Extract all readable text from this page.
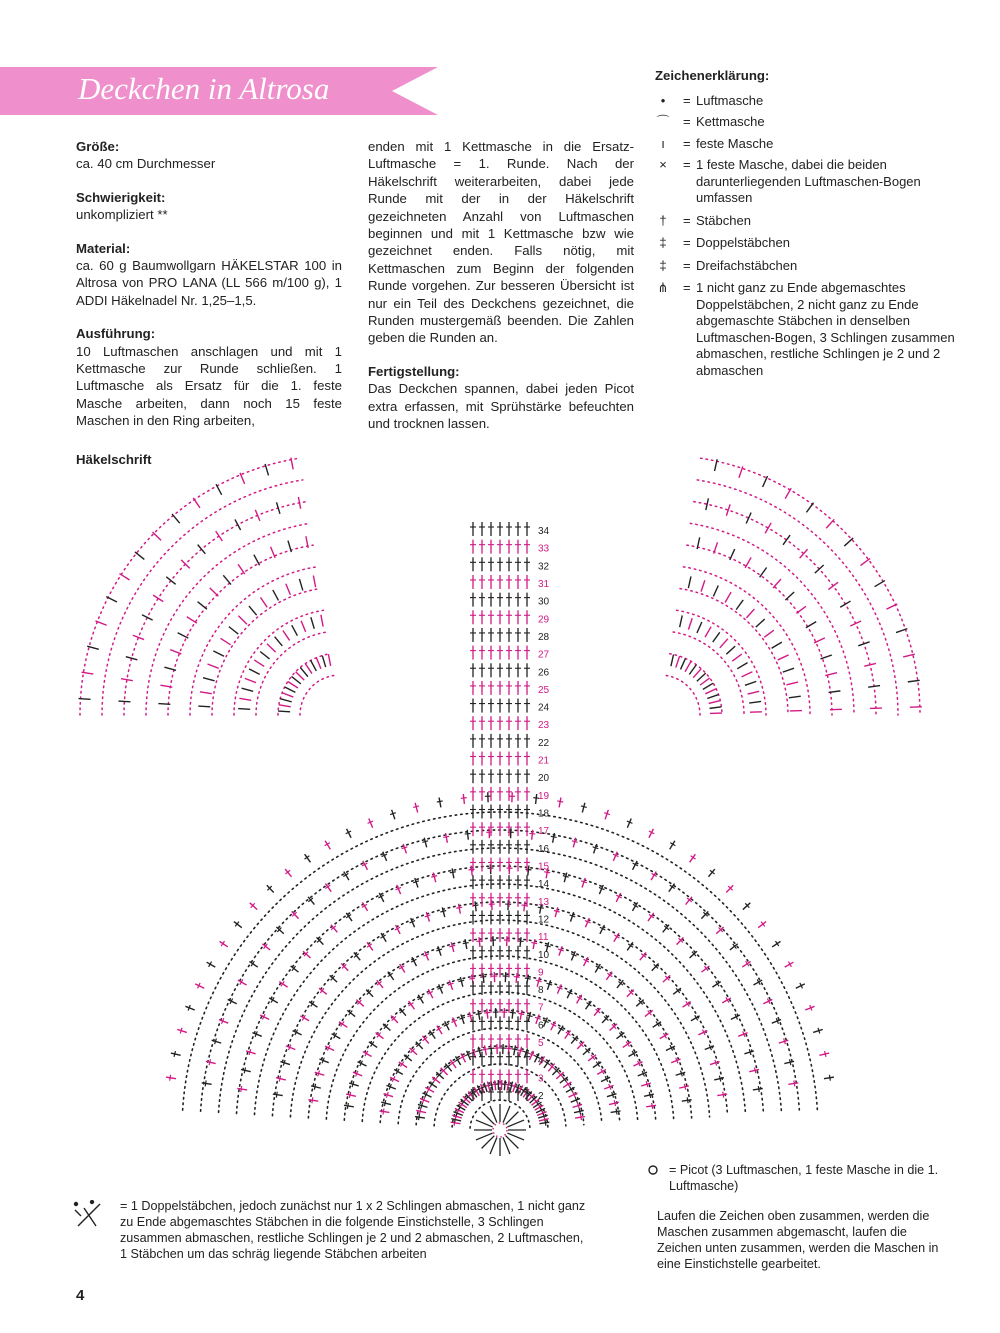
Deckchen in Altrosa
Größe:

ca. 40 cm Durchmesser

Schwierigkeit:

unkompliziert **

Material:

ca. 60 g Baumwollgarn HÄKELSTAR 100 in Altrosa von PRO LANA (LL 566 m/100 g), 1 ADDI Häkelnadel Nr. 1,25–1,5.

Ausführung:

10 Luftmaschen anschlagen und mit 1 Kettmasche zur Runde schließen. 1 Luftmasche als Ersatz für die 1. feste Masche arbeiten, dann noch 15 feste Maschen in den Ring arbeiten,

enden mit 1 Kettmasche in die Ersatz-Luftmasche = 1. Runde. Nach der Häkelschrift weiterarbeiten, dabei jede Runde mit der in der Häkelschrift gezeichneten Anzahl von Luftmaschen beginnen und mit 1 Kettmasche bzw wie gezeichnet enden. Falls nötig, mit Kettmaschen zum Beginn der folgenden Runde vorgehen. Zur besseren Übersicht ist nur ein Teil des Deckchens gezeichnet, die Runden mustergemäß beenden. Die Zahlen geben die Runden an.

Fertigstellung:

Das Deckchen spannen, dabei jeden Picot extra erfassen, mit Sprühstärke befeuchten und trocknen lassen.

Zeichenerklärung:
•	= Luftmasche
⌒ = Kettmasche
ı	= feste Masche
×	= 1 feste Masche, dabei die beiden darunterliegenden Luftmaschen-Bogen umfassen
†	= Stäbchen
‡	= Doppelstäbchen
‡	= Dreifachstäbchen
⋔ = 1 nicht ganz zu Ende abgemaschtes Doppelstäbchen, 2 nicht ganz zu Ende abgemaschte Stäbchen in denselben Luftmaschen-Bogen, 3 Schlingen zusammen abmaschen, restliche Schlingen je 2 und 2 abmaschen
Häkelschrift
34
33
32
31
30
29
28
27
26
25
24
23
22
21
20
19
18
17
16
15
14
13
12
11
10
9
8
7
6
5
4
3
2
= 1 Doppelstäbchen, jedoch zunächst nur 1 x 2 Schlingen abmaschen, 1 nicht ganz zu Ende abgemaschtes Stäbchen in die folgende Einstichstelle, 3 Schlingen zusammen abmaschen, restliche Schlingen je 2 und 2 abmaschen, 2 Luftmaschen, 1 Stäbchen um das schräg liegende Stäbchen arbeiten
= Picot (3 Luftmaschen, 1 feste Masche in die 1. Luftmasche)
Laufen die Zeichen oben zusammen, werden die Maschen zusammen abgemascht, laufen die Zeichen unten zusammen, werden die Maschen in eine Einstichstelle gearbeitet.
4
